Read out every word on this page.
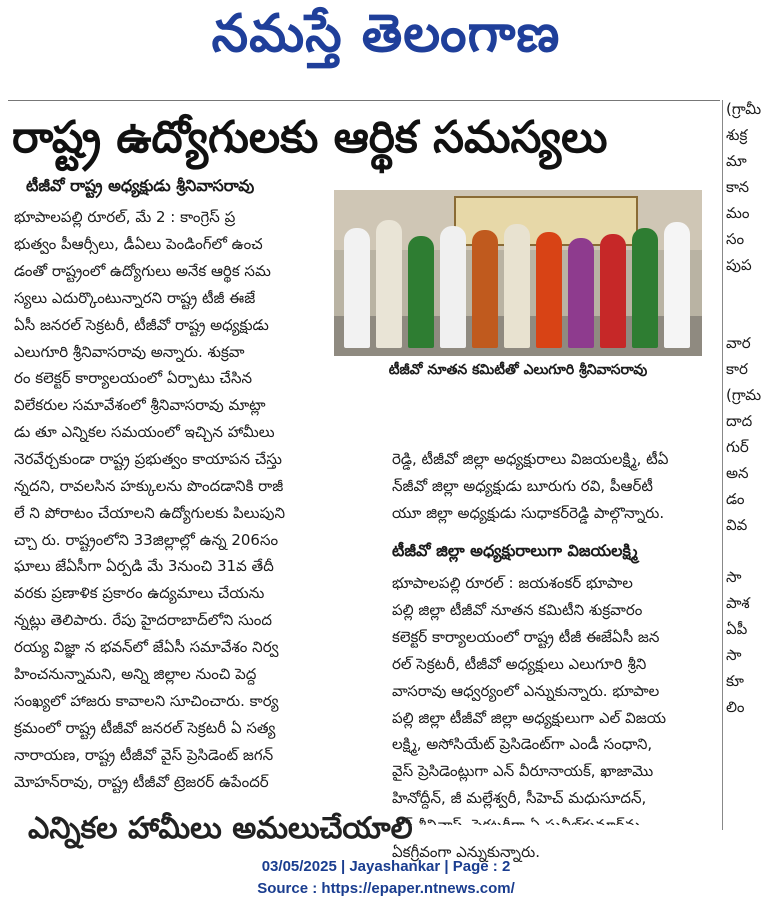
నమస్తే తెలంగాణ
రాష్ట్ర ఉద్యోగులకు ఆర్థిక సమస్యలు
టీజీవో రాష్ట్ర అధ్యక్షుడు శ్రీనివాసరావు
టీజీవో నూతన కమిటీతో ఎలుగూరి శ్రీనివాసరావు

భూపాలపల్లి రూరల్, మే 2 : కాంగ్రెస్ ప్ర

భుత్వం పీఆర్సీలు, డీఏలు పెండింగ్‌లో ఉంచ

డంతో రాష్ట్రంలో ఉద్యోగులు అనేక ఆర్థిక సమ

స్యలు ఎదుర్కొంటున్నారని రాష్ట్ర టీజీ ఈజే

ఏసీ జనరల్ సెక్రటరీ, టీజీవో రాష్ట్ర అధ్యక్షుడు

ఎలుగూరి శ్రీనివాసరావు అన్నారు. శుక్రవా

రం కలెక్టర్ కార్యాలయంలో ఏర్పాటు చేసిన

విలేకరుల సమావేశంలో శ్రీనివాసరావు మాట్లా

డు తూ ఎన్నికల సమయంలో ఇచ్చిన హామీలు

నెరవేర్చకుండా రాష్ట్ర ప్రభుత్వం కాయాపన చేస్తు

న్నదని, రావలసిన హక్కులను పొందడానికి రాజీ

లే ని పోరాటం చేయాలని ఉద్యోగులకు పిలుపుని

చ్చా రు. రాష్ట్రంలోని 33జిల్లాల్లో ఉన్న 206సం

ఘాలు జేఏసీగా ఏర్పడి మే 3నుంచి 31వ తేదీ

వరకు ప్రణాళిక ప్రకారం ఉద్యమాలు చేయను

న్నట్లు తెలిపారు. రేపు హైదరాబాద్‌లోని సుంద

రయ్య విజ్ఞా న భవన్‌లో జేఏసీ సమావేశం నిర్వ

హించనున్నామని, అన్ని జిల్లాల నుంచి పెద్ద

సంఖ్యలో హాజరు కావాలని సూచించారు. కార్య

క్రమంలో రాష్ట్ర టీజీవో జనరల్ సెక్రటరీ ఏ సత్య

నారాయణ, రాష్ట్ర టీజీవో వైస్ ప్రెసిడెంట్ జగన్

మోహన్‌రావు, రాష్ట్ర టీజీవో ట్రెజరర్ ఉపేందర్

రెడ్డి, టీజీవో జిల్లా అధ్యక్షురాలు విజయలక్ష్మి, టీఏ

న్‌జీవో జిల్లా అధ్యక్షుడు బూరుగు రవి, పీఆర్‌టీ

యూ జిల్లా అధ్యక్షుడు సుధాకర్‌రెడ్డి పాల్గొన్నారు.

టీజీవో జిల్లా అధ్యక్షురాలుగా విజయలక్ష్మి

భూపాలపల్లి రూరల్ : జయశంకర్ భూపాల

పల్లి జిల్లా టీజీవో నూతన కమిటీని శుక్రవారం

కలెక్టర్ కార్యాలయంలో రాష్ట్ర టీజీ ఈజేఏసీ జన

రల్ సెక్రటరీ, టీజీవో అధ్యక్షులు ఎలుగూరి శ్రీని

వాసరావు ఆధ్వర్యంలో ఎన్నుకున్నారు. భూపాల

పల్లి జిల్లా టీజీవో జిల్లా అధ్యక్షులుగా ఎల్ విజయ

లక్ష్మి, అసోసియేట్ ప్రెసిడెంట్‌గా ఎండీ సంధాని,

వైస్ ప్రెసిడెంట్లుగా ఎన్ వీరూనాయక్, ఖాజామొ

హినోద్దీన్, జీ మల్లేశ్వరీ, సీహెచ్ మధుసూదన్,

ఏకగ్రీవంగా ఎన్నుకున్నారు.

(గ్రామీ

శుక్ర

మా

కాన

మం

సం

పుప

వార

కార

(గ్రామ

దాద

గుర్

అన

డం

వివ

సా

పాశ

ఏపీ

సా

కూ

లిం

ఎన్నికల హామీలు అమలుచేయాలి
03/05/2025 | Jayashankar | Page : 2
Source : https://epaper.ntnews.com/
